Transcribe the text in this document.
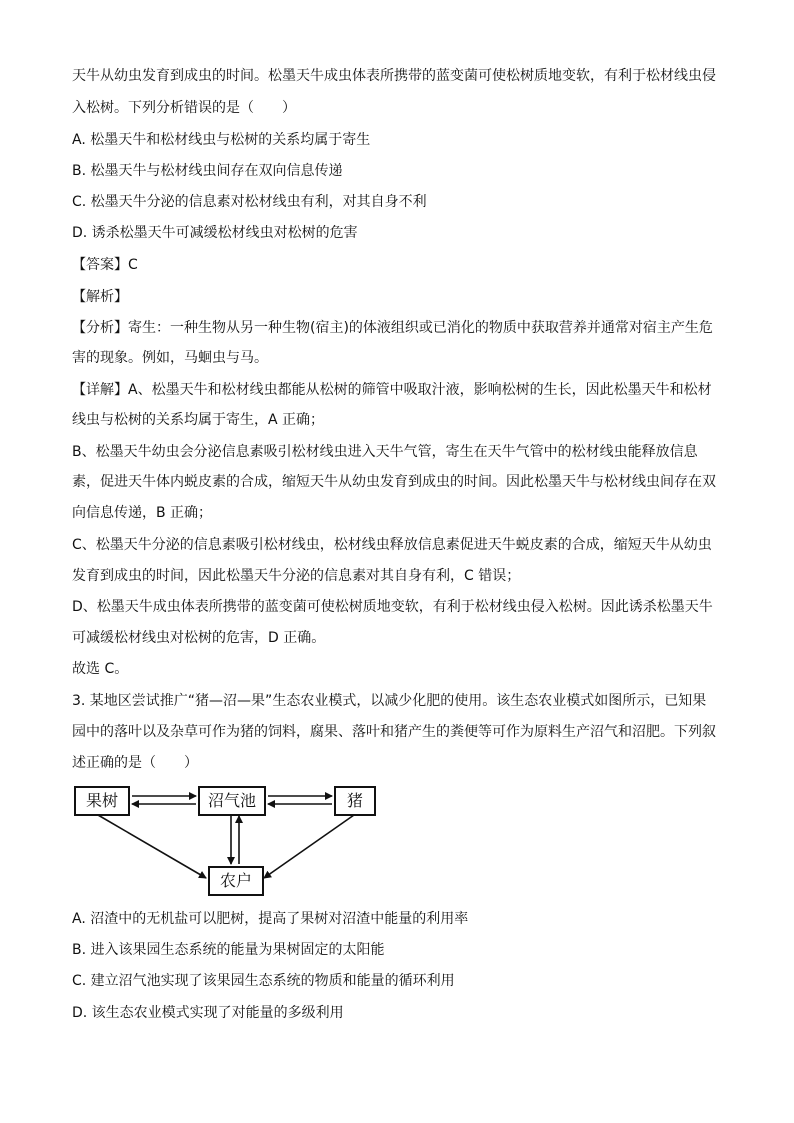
天牛从幼虫发育到成虫的时间。松墨天牛成虫体表所携带的蓝变菌可使松树质地变软，有利于松材线虫侵
入松树。下列分析错误的是（　　）
A. 松墨天牛和松材线虫与松树的关系均属于寄生
B. 松墨天牛与松材线虫间存在双向信息传递
C. 松墨天牛分泌的信息素对松材线虫有利，对其自身不利
D. 诱杀松墨天牛可减缓松材线虫对松树的危害
【答案】C
【解析】
【分析】寄生：一种生物从另一种生物(宿主)的体液组织或已消化的物质中获取营养并通常对宿主产生危
害的现象。例如，马蛔虫与马。
【详解】A、松墨天牛和松材线虫都能从松树的筛管中吸取汁液，影响松树的生长，因此松墨天牛和松材
线虫与松树的关系均属于寄生，A 正确；
B、松墨天牛幼虫会分泌信息素吸引松材线虫进入天牛气管，寄生在天牛气管中的松材线虫能释放信息
素，促进天牛体内蜕皮素的合成，缩短天牛从幼虫发育到成虫的时间。因此松墨天牛与松材线虫间存在双
向信息传递，B 正确；
C、松墨天牛分泌的信息素吸引松材线虫，松材线虫释放信息素促进天牛蜕皮素的合成，缩短天牛从幼虫
发育到成虫的时间，因此松墨天牛分泌的信息素对其自身有利，C 错误；
D、松墨天牛成虫体表所携带的蓝变菌可使松树质地变软，有利于松材线虫侵入松树。因此诱杀松墨天牛
可减缓松材线虫对松树的危害，D 正确。
故选 C。
3. 某地区尝试推广“猪—沼—果”生态农业模式，以减少化肥的使用。该生态农业模式如图所示，已知果
园中的落叶以及杂草可作为猪的饲料，腐果、落叶和猪产生的粪便等可作为原料生产沼气和沼肥。下列叙
述正确的是（　　）
果树	沼气池	猪
农户
A. 沼渣中的无机盐可以肥树，提高了果树对沼渣中能量的利用率
B. 进入该果园生态系统的能量为果树固定的太阳能
C. 建立沼气池实现了该果园生态系统的物质和能量的循环利用
D. 该生态农业模式实现了对能量的多级利用
